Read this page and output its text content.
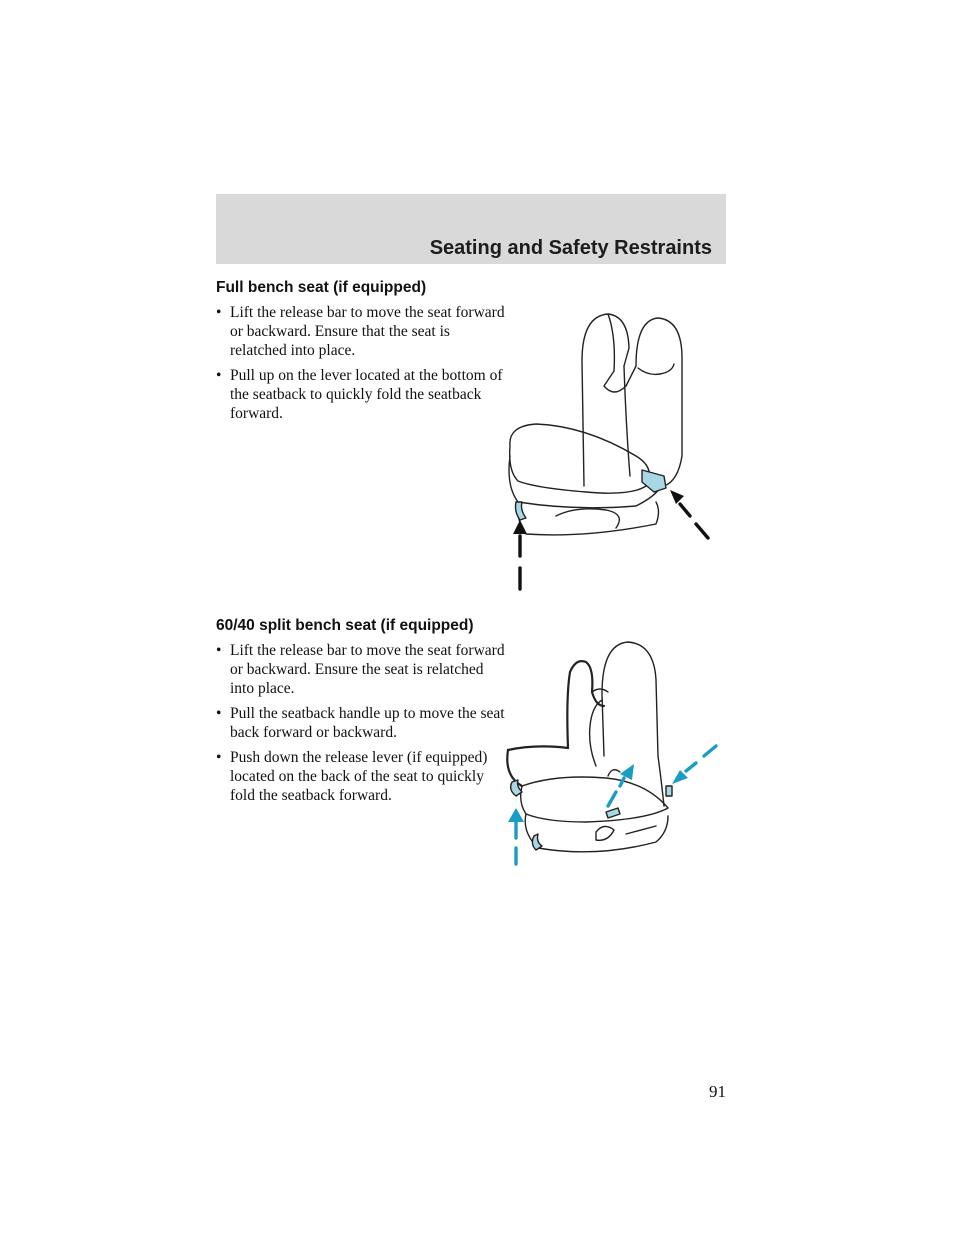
Seating and Safety Restraints
Full bench seat (if equipped)
• Lift the release bar to move the seat forward or backward. Ensure that the seat is relatched into place.
• Pull up on the lever located at the bottom of the seatback to quickly fold the seatback forward.
60/40 split bench seat (if equipped)
• Lift the release bar to move the seat forward or backward. Ensure the seat is relatched into place.
• Pull the seatback handle up to move the seat back forward or backward.
• Push down the release lever (if equipped) located on the back of the seat to quickly fold the seatback forward.
91
